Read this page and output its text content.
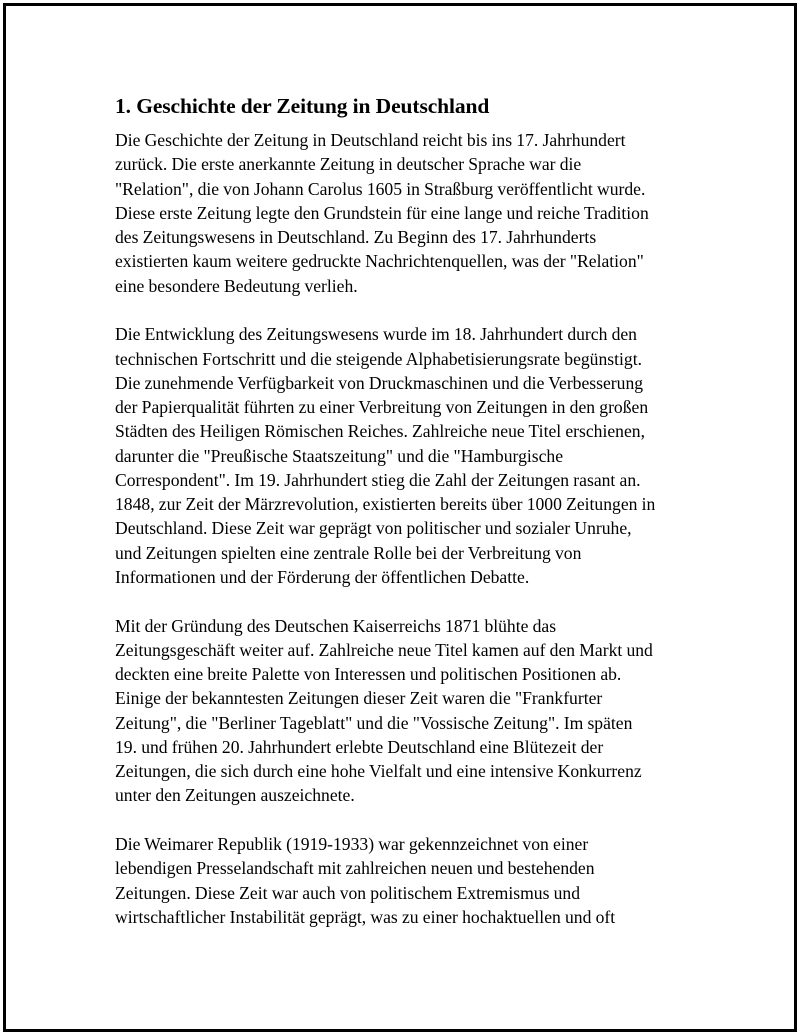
1. Geschichte der Zeitung in Deutschland

Die Geschichte der Zeitung in Deutschland reicht bis ins 17. Jahrhundert
zurück. Die erste anerkannte Zeitung in deutscher Sprache war die
"Relation", die von Johann Carolus 1605 in Straßburg veröffentlicht wurde.
Diese erste Zeitung legte den Grundstein für eine lange und reiche Tradition
des Zeitungswesens in Deutschland. Zu Beginn des 17. Jahrhunderts
existierten kaum weitere gedruckte Nachrichtenquellen, was der "Relation"
eine besondere Bedeutung verlieh.

Die Entwicklung des Zeitungswesens wurde im 18. Jahrhundert durch den
technischen Fortschritt und die steigende Alphabetisierungsrate begünstigt.
Die zunehmende Verfügbarkeit von Druckmaschinen und die Verbesserung
der Papierqualität führten zu einer Verbreitung von Zeitungen in den großen
Städten des Heiligen Römischen Reiches. Zahlreiche neue Titel erschienen,
darunter die "Preußische Staatszeitung" und die "Hamburgische
Correspondent". Im 19. Jahrhundert stieg die Zahl der Zeitungen rasant an.
1848, zur Zeit der Märzrevolution, existierten bereits über 1000 Zeitungen in
Deutschland. Diese Zeit war geprägt von politischer und sozialer Unruhe,
und Zeitungen spielten eine zentrale Rolle bei der Verbreitung von
Informationen und der Förderung der öffentlichen Debatte.

Mit der Gründung des Deutschen Kaiserreichs 1871 blühte das
Zeitungsgeschäft weiter auf. Zahlreiche neue Titel kamen auf den Markt und
deckten eine breite Palette von Interessen und politischen Positionen ab.
Einige der bekanntesten Zeitungen dieser Zeit waren die "Frankfurter
Zeitung", die "Berliner Tageblatt" und die "Vossische Zeitung". Im späten
19. und frühen 20. Jahrhundert erlebte Deutschland eine Blütezeit der
Zeitungen, die sich durch eine hohe Vielfalt und eine intensive Konkurrenz
unter den Zeitungen auszeichnete.

Die Weimarer Republik (1919-1933) war gekennzeichnet von einer
lebendigen Presselandschaft mit zahlreichen neuen und bestehenden
Zeitungen. Diese Zeit war auch von politischem Extremismus und
wirtschaftlicher Instabilität geprägt, was zu einer hochaktuellen und oft
